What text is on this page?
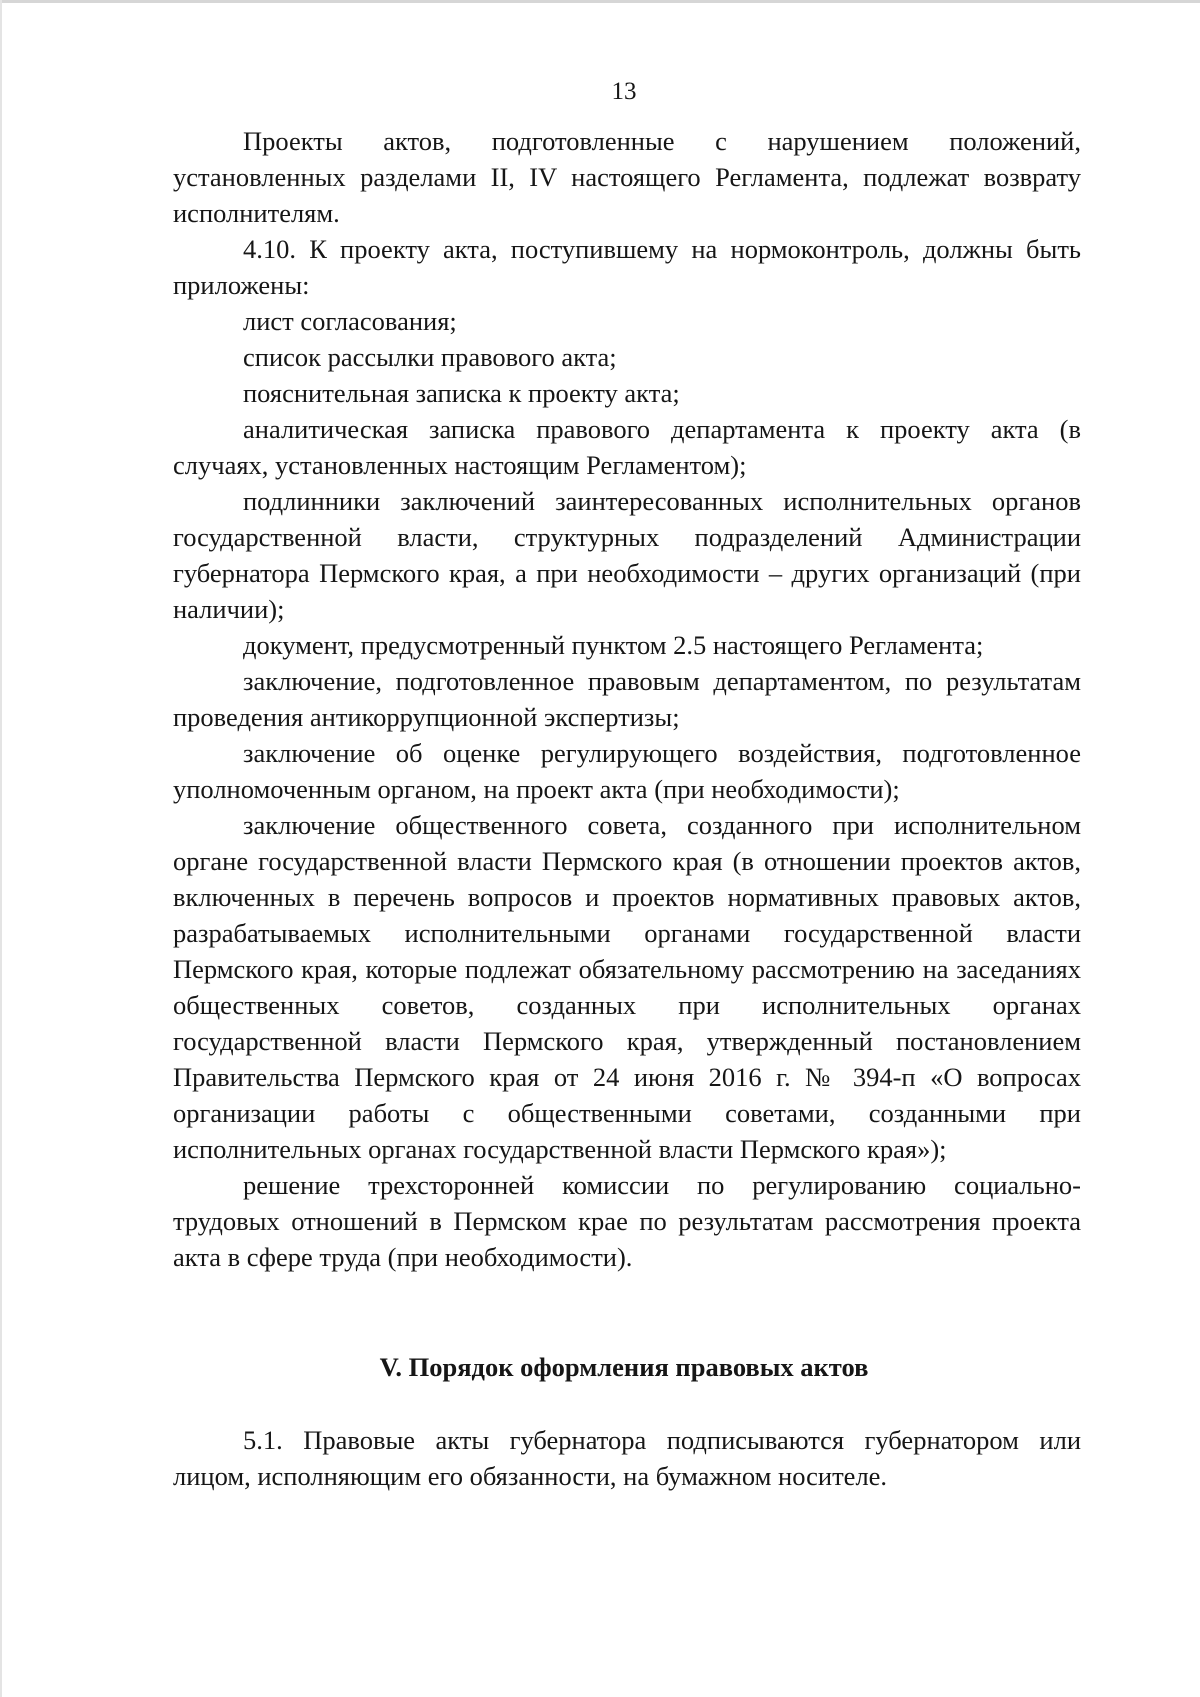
13

Проекты актов, подготовленные с нарушением положений, установленных разделами II, IV настоящего Регламента, подлежат возврату исполнителям.

4.10. К проекту акта, поступившему на нормоконтроль, должны быть приложены:

лист согласования;

список рассылки правового акта;

пояснительная записка к проекту акта;

аналитическая записка правового департамента к проекту акта (в случаях, установленных настоящим Регламентом);

подлинники заключений заинтересованных исполнительных органов государственной власти, структурных подразделений Администрации губернатора Пермского края, а при необходимости – других организаций (при наличии);

документ, предусмотренный пунктом 2.5 настоящего Регламента;

заключение, подготовленное правовым департаментом, по результатам проведения антикоррупционной экспертизы;

заключение об оценке регулирующего воздействия, подготовленное уполномоченным органом, на проект акта (при необходимости);

заключение общественного совета, созданного при исполнительном органе государственной власти Пермского края (в отношении проектов актов, включенных в перечень вопросов и проектов нормативных правовых актов, разрабатываемых исполнительными органами государственной власти Пермского края, которые подлежат обязательному рассмотрению на заседаниях общественных советов, созданных при исполнительных органах государственной власти Пермского края, утвержденный постановлением Правительства Пермского края от 24 июня 2016 г. № 394-п «О вопросах организации работы с общественными советами, созданными при исполнительных органах государственной власти Пермского края»);

решение трехсторонней комиссии по регулированию социально-трудовых отношений в Пермском крае по результатам рассмотрения проекта акта в сфере труда (при необходимости).

V. Порядок оформления правовых актов

5.1. Правовые акты губернатора подписываются губернатором или лицом, исполняющим его обязанности, на бумажном носителе.
